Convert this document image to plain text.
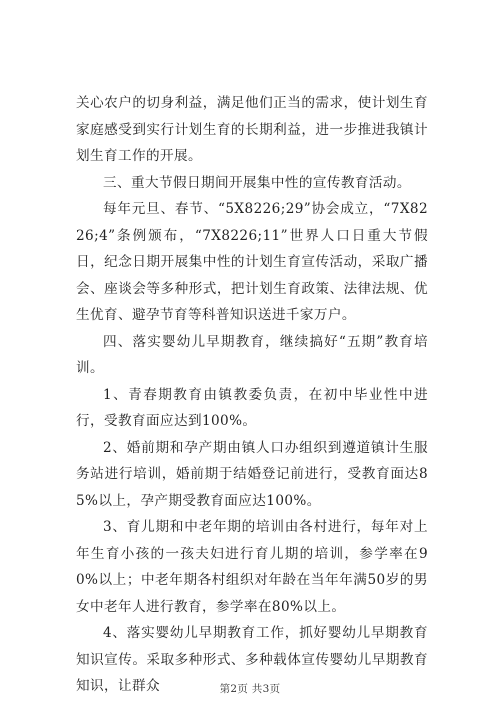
关心农户的切身利益，满足他们正当的需求，使计划生育家庭感受到实行计划生育的长期利益，进一步推进我镇计划生育工作的开展。

三、重大节假日期间开展集中性的宣传教育活动。

每年元旦、春节、“5X8226;29”协会成立，“7X8226;4”条例颁布，“7X8226;11”世界人口日重大节假日，纪念日期开展集中性的计划生育宣传活动，采取广播会、座谈会等多种形式，把计划生育政策、法律法规、优生优育、避孕节育等科普知识送进千家万户。

四、落实婴幼儿早期教育，继续搞好“五期”教育培训。

1、青春期教育由镇教委负责，在初中毕业性中进行，受教育面应达到100%。

2、婚前期和孕产期由镇人口办组织到遵道镇计生服务站进行培训，婚前期于结婚登记前进行，受教育面达85%以上，孕产期受教育面应达100%。

3、育儿期和中老年期的培训由各村进行，每年对上年生育小孩的一孩夫妇进行育儿期的培训，参学率在90%以上；中老年期各村组织对年龄在当年年满50岁的男女中老年人进行教育，参学率在80%以上。

4、落实婴幼儿早期教育工作，抓好婴幼儿早期教育知识宣传。采取多种形式、多种载体宣传婴幼儿早期教育知识，让群众	第2页 共3页
